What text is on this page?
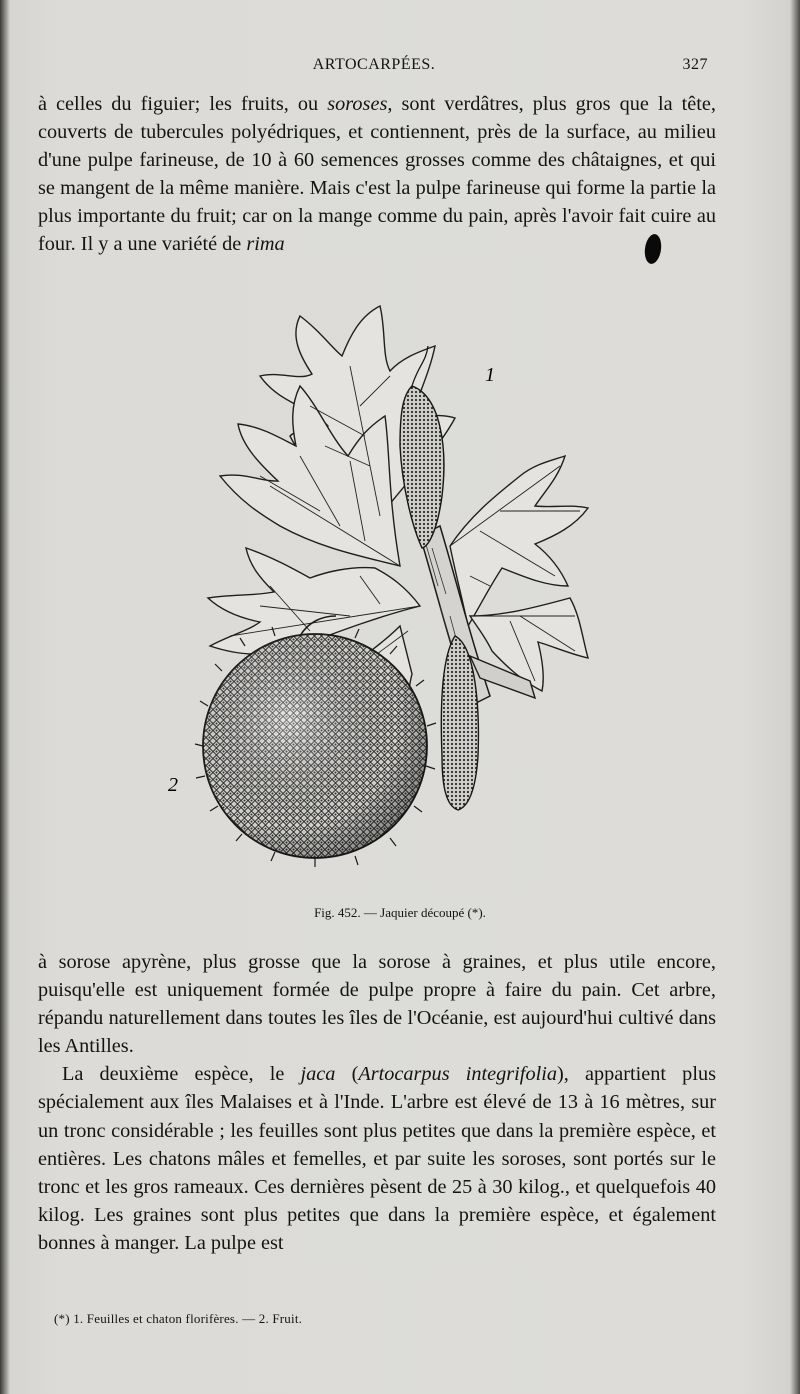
ARTOCARPÉES.	327

à celles du figuier; les fruits, ou soroses, sont verdâtres, plus gros que la tête, couverts de tubercules polyédriques, et contiennent, près de la surface, au milieu d'une pulpe farineuse, de 10 à 60 semences grosses comme des châtaignes, et qui se mangent de la même manière. Mais c'est la pulpe farineuse qui forme la partie la plus importante du fruit; car on la mange comme du pain, après l'avoir fait cuire au four. Il y a une variété de rima

1
2
Fig. 452. — Jaquier découpé (*).

à sorose apyrène, plus grosse que la sorose à graines, et plus utile encore, puisqu'elle est uniquement formée de pulpe propre à faire du pain. Cet arbre, répandu naturellement dans toutes les îles de l'Océanie, est aujourd'hui cultivé dans les Antilles.

La deuxième espèce, le jaca (Artocarpus integrifolia), appartient plus spécialement aux îles Malaises et à l'Inde. L'arbre est élevé de 13 à 16 mètres, sur un tronc considérable ; les feuilles sont plus petites que dans la première espèce, et entières. Les chatons mâles et femelles, et par suite les soroses, sont portés sur le tronc et les gros rameaux. Ces dernières pèsent de 25 à 30 kilog., et quelquefois 40 kilog. Les graines sont plus petites que dans la première espèce, et également bonnes à manger. La pulpe est

(*) 1. Feuilles et chaton florifères. — 2. Fruit.
